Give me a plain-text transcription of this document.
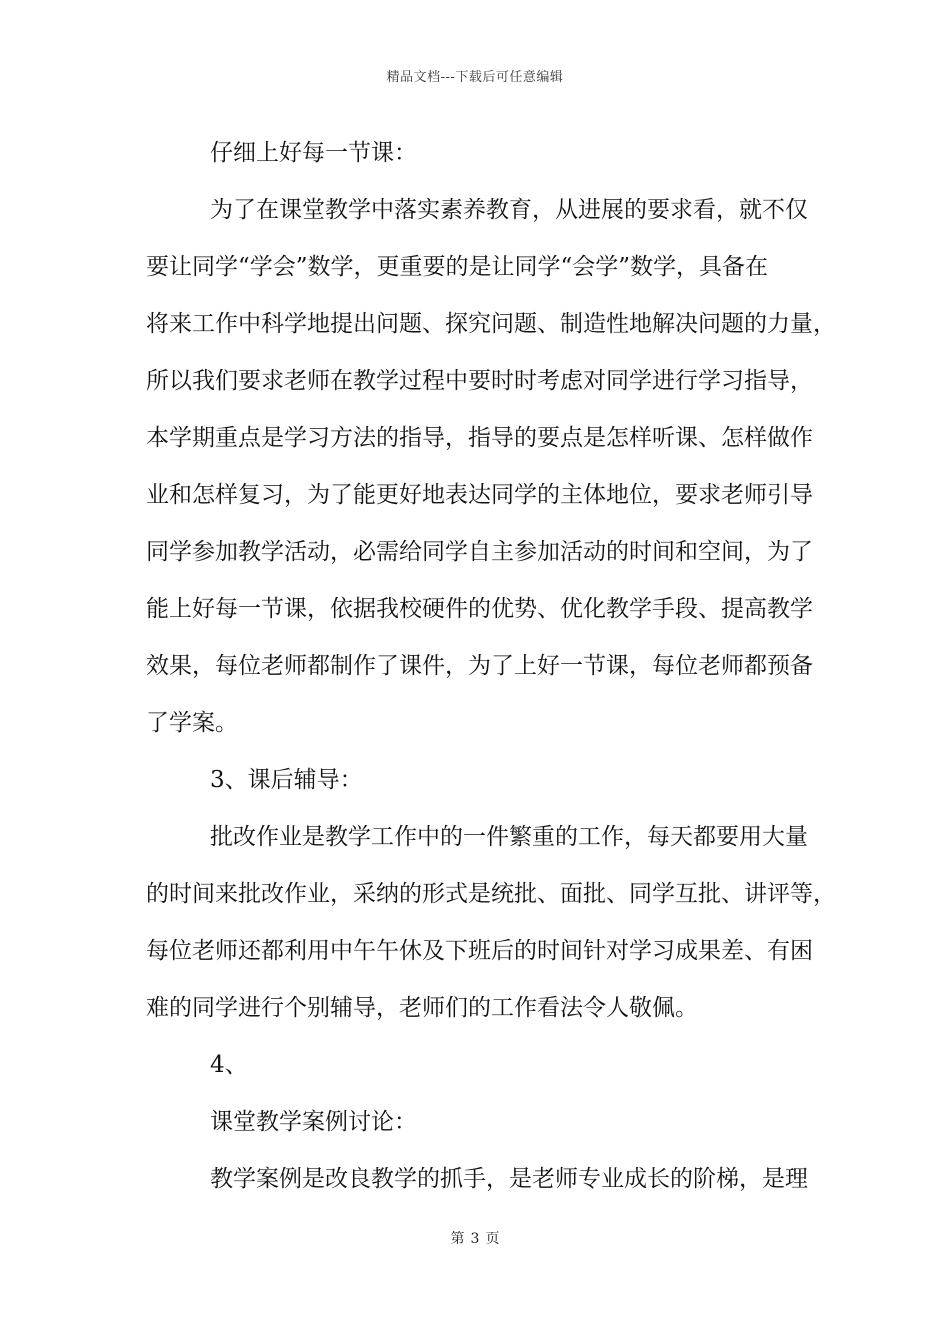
精品文档---下载后可任意编辑
仔细上好每一节课：
为了在课堂教学中落实素养教育，从进展的要求看，就不仅
要让同学“学会”数学，更重要的是让同学“会学”数学，具备在
将来工作中科学地提出问题、探究问题、制造性地解决问题的力量，
所以我们要求老师在教学过程中要时时考虑对同学进行学习指导，
本学期重点是学习方法的指导，指导的要点是怎样听课、怎样做作
业和怎样复习，为了能更好地表达同学的主体地位，要求老师引导
同学参加教学活动，必需给同学自主参加活动的时间和空间，为了
能上好每一节课，依据我校硬件的优势、优化教学手段、提高教学
效果，每位老师都制作了课件，为了上好一节课，每位老师都预备
了学案。
3、课后辅导：
批改作业是教学工作中的一件繁重的工作，每天都要用大量
的时间来批改作业，采纳的形式是统批、面批、同学互批、讲评等，
每位老师还都利用中午午休及下班后的时间针对学习成果差、有困
难的同学进行个别辅导，老师们的工作看法令人敬佩。
4、
课堂教学案例讨论：
教学案例是改良教学的抓手，是老师专业成长的阶梯，是理
第 3 页
